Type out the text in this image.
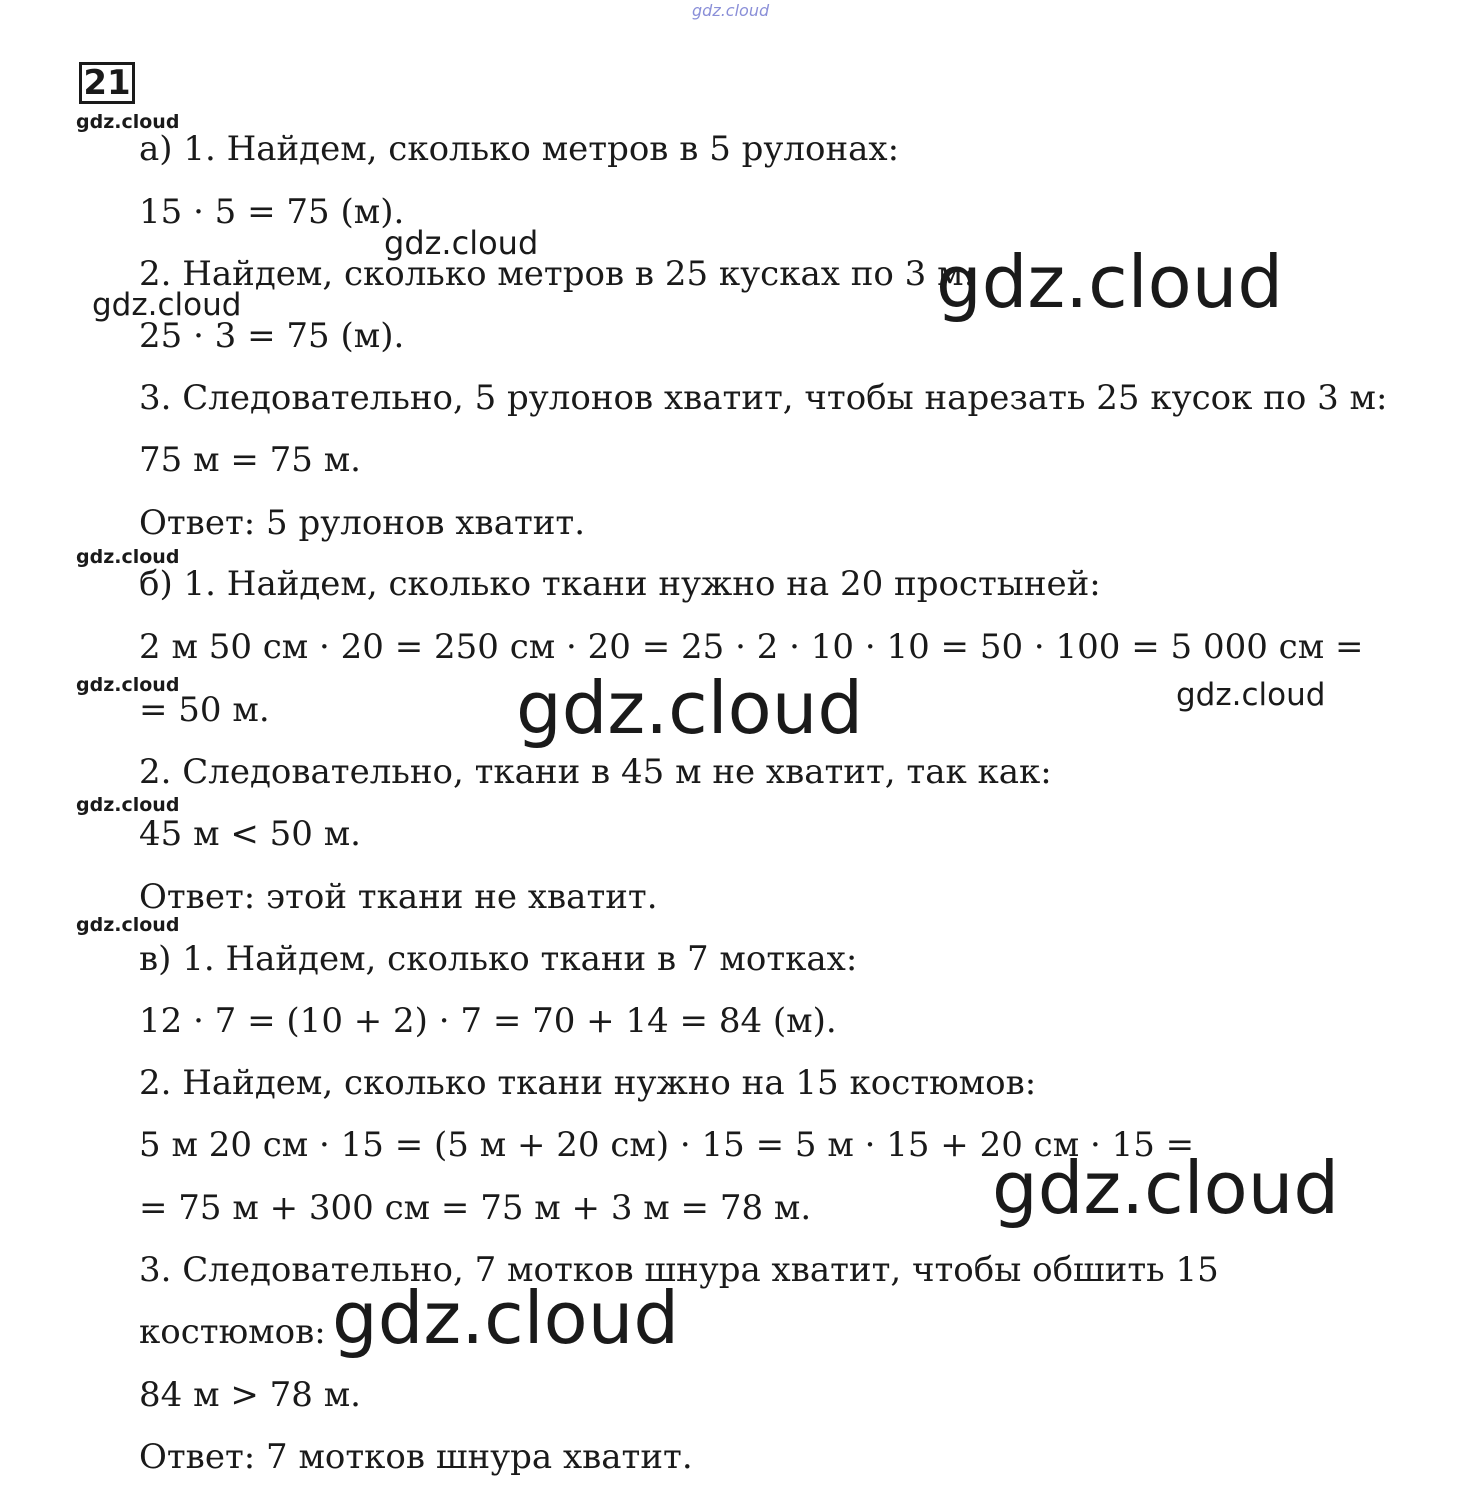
gdz.cloud
21
gdz.cloud
а) 1. Найдем, сколько метров в 5 рулонах:
15 · 5 = 75 (м).
gdz.cloud
2. Найдем, сколько метров в 25 кусках по 3 м:
gdz.cloud
gdz.cloud
25 · 3 = 75 (м).
3. Следовательно, 5 рулонов хватит, чтобы нарезать 25 кусок по 3 м:
75 м = 75 м.
Ответ: 5 рулонов хватит.
gdz.cloud
б) 1. Найдем, сколько ткани нужно на 20 простыней:
2 м 50 см · 20 = 250 см · 20 = 25 · 2 · 10 · 10 = 50 · 100 = 5 000 см =
gdz.cloud
= 50 м.	gdz.cloud	gdz.cloud
2. Следовательно, ткани в 45 м не хватит, так как:
gdz.cloud
45 м < 50 м.
Ответ: этой ткани не хватит.
gdz.cloud
в) 1. Найдем, сколько ткани в 7 мотках:
12 · 7 = (10 + 2) · 7 = 70 + 14 = 84 (м).
2. Найдем, сколько ткани нужно на 15 костюмов:
5 м 20 см · 15 = (5 м + 20 см) · 15 = 5 м · 15 + 20 см · 15 =
= 75 м + 300 см = 75 м + 3 м = 78 м.	gdz.cloud
3. Следовательно, 7 мотков шнура хватит, чтобы обшить 15
костюмов: gdz.cloud
84 м > 78 м.
Ответ: 7 мотков шнура хватит.
